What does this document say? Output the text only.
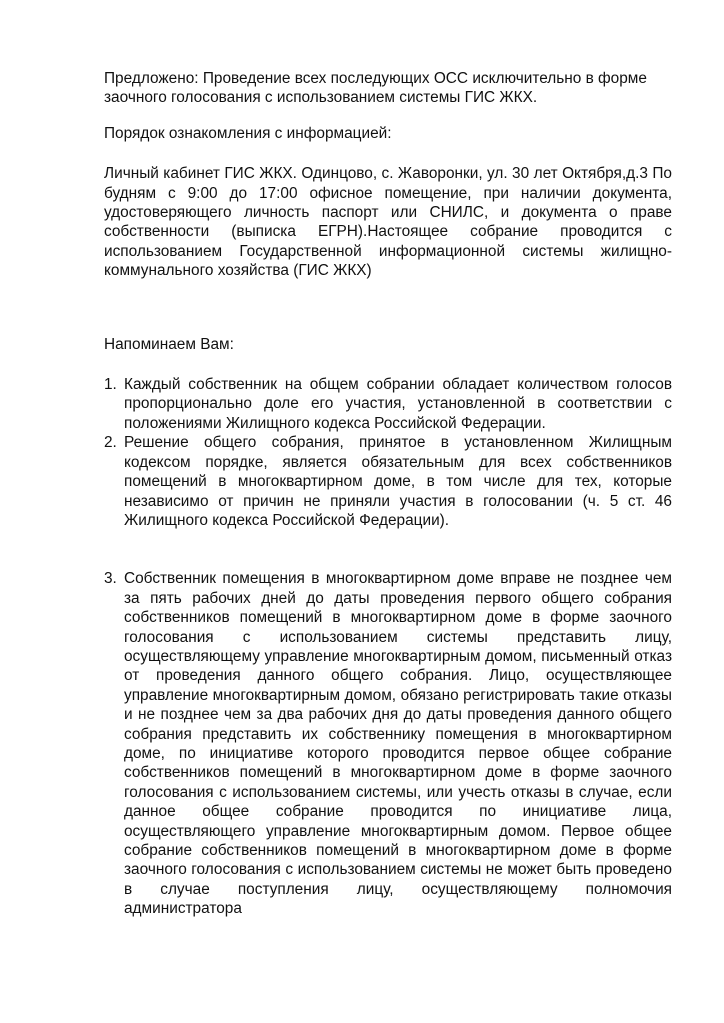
Предложено: Проведение всех последующих ОСС исключительно в форме заочного голосования с использованием системы ГИС ЖКХ.

Порядок ознакомления с информацией:

Личный кабинет ГИС ЖКХ. Одинцово, с. Жаворонки, ул. 30 лет Октября,д.3 По будням с 9:00 до 17:00 офисное помещение, при наличии документа, удостоверяющего личность паспорт или СНИЛС, и документа о праве собственности (выписка ЕГРН).Настоящее собрание проводится с использованием Государственной информационной системы жилищно-коммунального хозяйства (ГИС ЖКХ)

Напоминаем Вам:

1. Каждый собственник на общем собрании обладает количеством голосов пропорционально доле его участия, установленной в соответствии с положениями Жилищного кодекса Российской Федерации.
2. Решение общего собрания, принятое в установленном Жилищным кодексом порядке, является обязательным для всех собственников помещений в многоквартирном доме, в том числе для тех, которые независимо от причин не приняли участия в голосовании (ч. 5 ст. 46 Жилищного кодекса Российской Федерации).
3. Собственник помещения в многоквартирном доме вправе не позднее чем за пять рабочих дней до даты проведения первого общего собрания собственников помещений в многоквартирном доме в форме заочного голосования с использованием системы представить лицу, осуществляющему управление многоквартирным домом, письменный отказ от проведения данного общего собрания. Лицо, осуществляющее управление многоквартирным домом, обязано регистрировать такие отказы и не позднее чем за два рабочих дня до даты проведения данного общего собрания представить их собственнику помещения в многоквартирном доме, по инициативе которого проводится первое общее собрание собственников помещений в многоквартирном доме в форме заочного голосования с использованием системы, или учесть отказы в случае, если данное общее собрание проводится по инициативе лица, осуществляющего управление многоквартирным домом. Первое общее собрание собственников помещений в многоквартирном доме в форме заочного голосования с использованием системы не может быть проведено в случае поступления лицу, осуществляющему полномочия администратора
